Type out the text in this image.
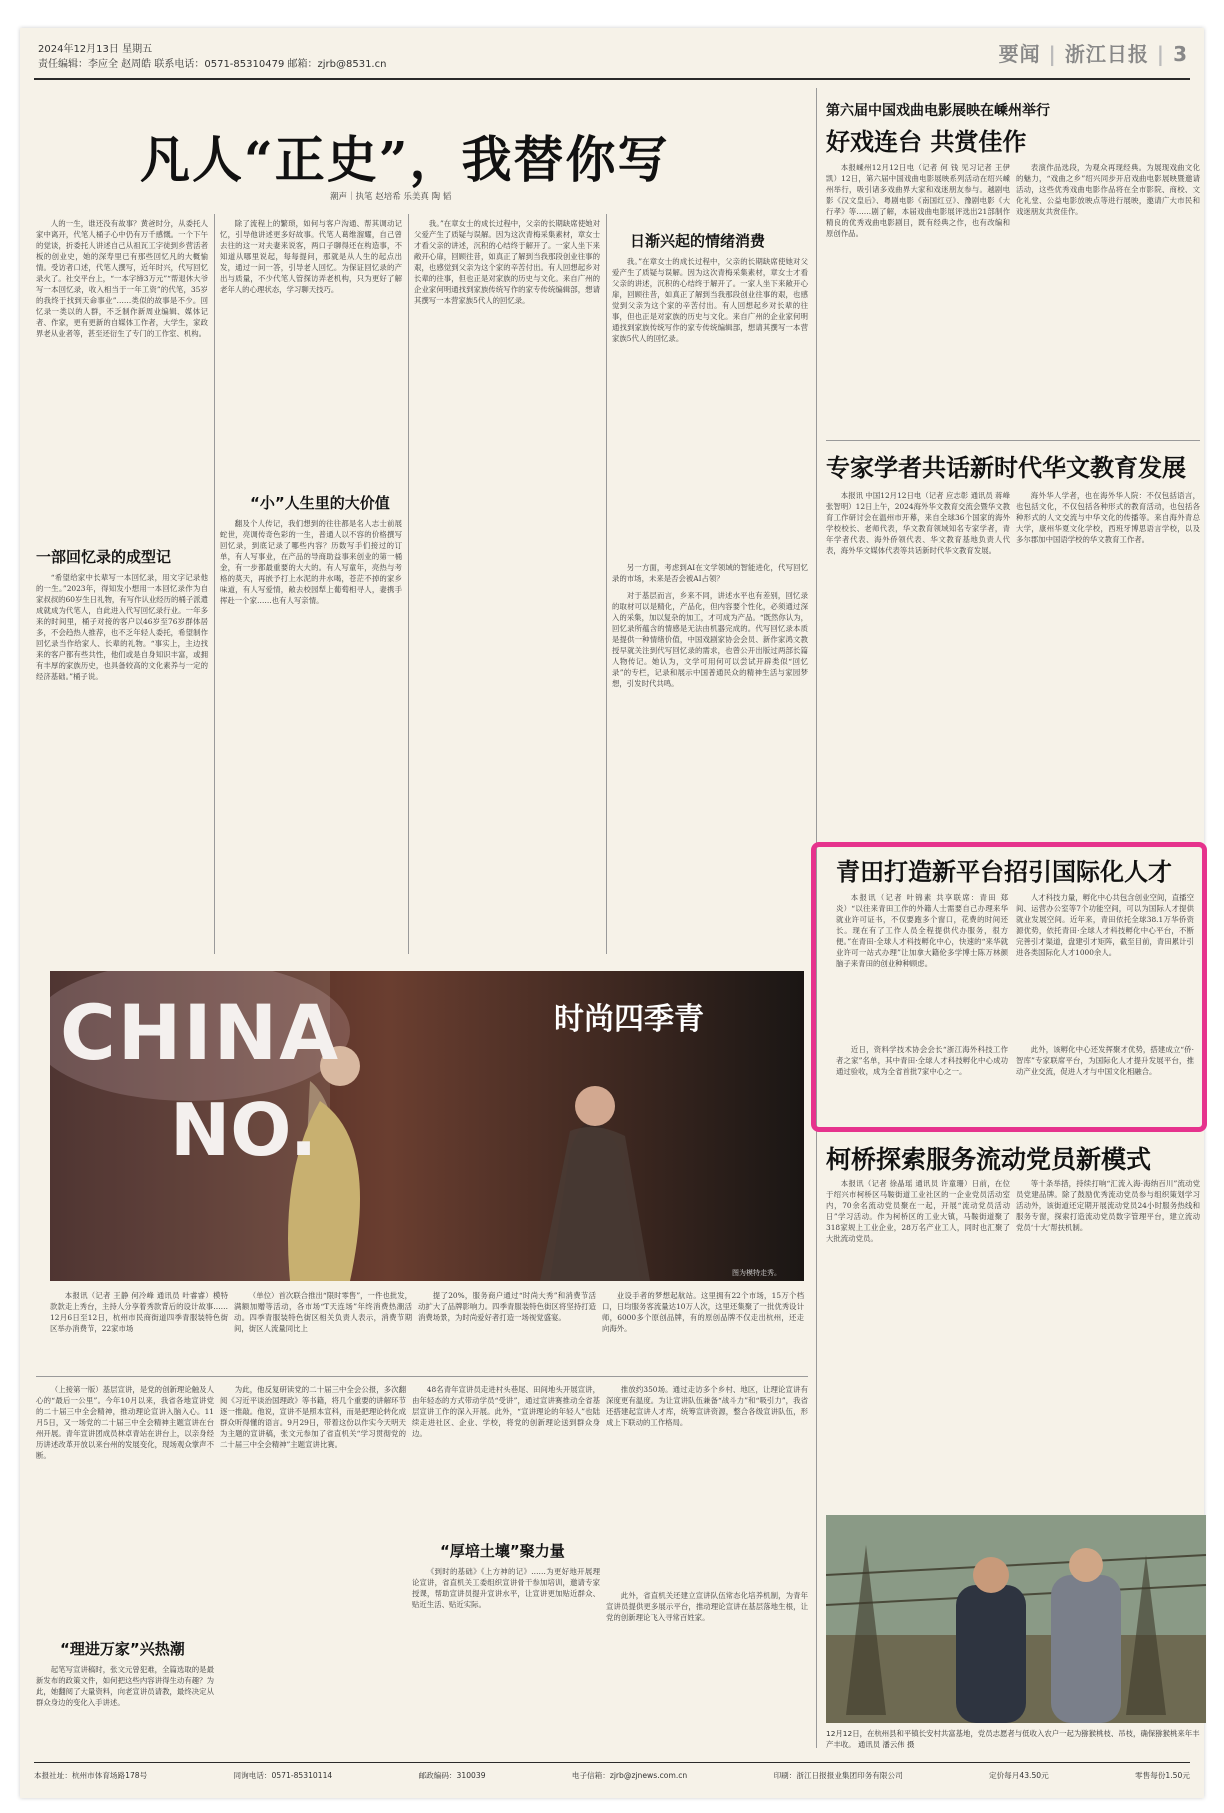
2024年12月13日 星期五
责任编辑：李应全 赵周皓 联系电话：0571-85310479 邮箱：zjrb@8531.cn	要闻 | 浙江日报 | 3
凡人“正史”，我替你写
潮声｜执笔 赵培希 乐美真 陶 韬
人的一生，谁还没有故事？黄爸时分，从委托人家中离开，代笔人桶子心中仍有万千感慨。一个下午的觉谈，折委托人讲述自己从祖瓦工字徒到乡营活者板的创业史，她的深寿里已有那些回忆凡的大概愉情。受访者口述，代笔人撰写，近年时兴，代写回忆录火了。社交平台上，“一本字缔3万元”“帮退休大爷写一本回忆录，收入相当于一年工资”的代笔，35岁的我终于找到天命事业”……类似的故事是不少。回忆录一类以的人群，不乏制作新周业编辑、媒体记者、作家，更有更新的自媒体工作者，大学生，家政界老从业者等，甚至还衍生了专门的工作室、机构。
一部回忆录的成型记
“希望给家中长辈写一本回忆录，用文字记录他的一生。”2023年，得知发小想用一本回忆录作为自家叔叔的60岁生日礼物，有写作认业经历的桶子派遣成就成为代笔人，自此进入代写回忆录行业。一年多来的时间里，桶子对接的客户以46岁至76岁群体居多，不会趋热人推荐，也不乏年轻人委托，希望制作回忆录当作给家人、长辈的礼物。“事实上，主边找来的客户都有些共性，他们或是自身知识丰富，或拥有丰厚的家族历史，也具备较高的文化素养与一定的经济基础。”桶子说。
除了流程上的繁琐，如何与客户沟通、帮其调动记忆，引导他讲述更多好故事。代笔人葛维溜耀，自己曾去往的这一对夫妻来说客，两口子聊得还在构造事，不知道从哪里说起，每每提问，那就是从人生的起点出发，通过一问一答，引导老人回忆。为保证回忆录的产出与质量，不少代笔人管探访弄老机构，只为更好了解老年人的心理状态，学习聊天技巧。
“小”人生里的大价值
翻及个人传记，我们想到的往往都是名人志士前展蛇世，亮调传奇色彩的一生，普通人以不容的价格撰写回忆录，到底记录了哪些内容？历数写手们接过的订单，有人写事业，在产品的导商助益事来创业的第一桶金，有一步都最重要的大大的。有人写童年，亮热与考格的莫天，再嵌予打上水泥的井水喝，苍茫不掉的家乡味道，有人写爱情，敞去校园犁上葡萄相寻人，妻携手挥赴一个家……也有人写亲情。
我。”在章女士的成长过程中，父亲的长期缺席使她对父爱产生了质疑与误解。因为这次青梅采集素材，章女士才看父亲的讲述，沉积的心结终于解开了。一家人坐下来敞开心扉，回顾往昔，如真正了解到当我那段创业往事的艰，也感觉到父亲为这个家的辛苦付出。有人回想起乡对长辈的往事，但也正是对家族的历史与文化。来自广州的企业家何明通找到家族传统写作的家专传统编辑部，想请其撰写一本营家族5代人的回忆录。
日渐兴起的情绪消费
我。”在章女士的成长过程中，父亲的长期缺席使她对父爱产生了质疑与误解。因为这次青梅采集素材，章女士才看父亲的讲述，沉积的心结终于解开了。一家人坐下来敞开心扉，回顾往昔，如真正了解到当我那段创业往事的艰，也感觉到父亲为这个家的辛苦付出。有人回想起乡对长辈的往事，但也正是对家族的历史与文化。来自广州的企业家何明通找到家族传统写作的家专传统编辑部，想请其撰写一本营家族5代人的回忆录。
另一方面，考虑到AI在文学领域的智能进化，代写回忆录的市场，未来是否会被AI占领？
对于基层而言，乡来不同，讲述水平也有差别，回忆录的取材可以是精化，产品化，但内容要个性化，必须通过深入的采集，加以复杂的加工，才可成为产品。“既然你认为，回忆录所蕴含的情感是无法由机器完成的。代写回忆录本质是提供一种情绪价值，中国戏剧家协会会员、新作家鸿文教授早就关注到代写回忆录的需求，也曾公开出版过两部长篇人物传记。她认为，文学可用何可以尝试开辟类似“回忆录”的专栏，记录和展示中国普通民众的精神生活与家园梦想，引发时代共鸣。
第六届中国戏曲电影展映在嵊州举行
好戏连台 共赏佳作
本报嵊州12月12日电（记者 何 钱 见习记者 王伊凯）12日，第六届中国戏曲电影展映系列活动在绍兴嵊州举行，吸引诸多戏曲界大家和戏迷朋友参与。越剧电影《汉文皇后》、粤剧电影《南国红豆》、豫剧电影《大行孝》等……剧了解，本届戏曲电影展评选出21部制作精良的优秀戏曲电影剧目，既有经典之作，也有改编和原创作品。
表演作品选段，为观众再现经典。为展现戏曲文化的魅力，“戏曲之乡”绍兴同步开启戏曲电影展映暨邀请活动，这些优秀戏曲电影作品将在全市影院、商校、文化礼堂、公益电影放映点等进行展映，邀请广大市民和戏迷朋友共赏佳作。
专家学者共话新时代华文教育发展
本报讯 中国12月12日电（记者 应志彰 通讯员 蒋峰 张智明）12日上午，2024海外华文教育交流会暨华文教育工作研讨会在温州市开幕，来自全球36个国家的海外学校校长、老师代表，华文教育领域知名专家学者，青年学者代表、海外侨领代表、华文教育基地负责人代表，海外华文媒体代表等共话新时代华文教育发展。
海外华人学者，也在海外华人院：不仅包括语言，也包括文化，不仅包括各种形式的教育活动，也包括各种形式的人文交流与中华文化的传播等。来自海外青总大学，康州华夏文化学校，西班牙博思语言学校，以及多尔郡加中国语学校的华文教育工作者。
青田打造新平台招引国际化人才
本报讯（记者 叶锦素 共享联席：青田 郑炎）“以往来青田工作的外籍人士需要自己办理来华就业许可证书，不仅要跑多个窗口，花费的时间还长。现在有了工作人员全程提供代办服务，很方便。”在青田·全球人才科技孵化中心，快速的“来华就业许可一站式办理”让加拿大籍伦多学博士陈万林颜脑子来青田的创业种种顾虑。
近日，资料学技术协会会长“浙江海外科技工作者之家”名单，其中青田·全球人才科技孵化中心成功通过验收，成为全省首批7家中心之一。
人才科技力量，孵化中心共包含创业空间，直播空间、运营办公室等7个功能空间，可以为国际人才提供就业发展空间。近年来，青田依托全球38.1万华侨资源优势，依托青田·全球人才科技孵化中心平台，不断完善引才渠道，盘建引才矩阵，截至目前，青田累计引进各类国际化人才1000余人。
此外，该孵化中心还发挥聚才优势，搭建成立“侨·智库”专家联席平台，为国际化人才提升发展平台，推动产业交流，促进人才与中国文化相融合。
柯桥探索服务流动党员新模式
本报讯（记者 徐晶瑶 通讯员 许童珊）日前，在位于绍兴市柯桥区马鞍街道工业社区的一企业党员活动室内，70余名流动党员聚在一起，开展“流动党员活动日”学习活动。作为柯桥区的工业大镇，马鞍街道聚了318家规上工业企业，28万名产业工人，同时也汇聚了大批流动党员。
等十条举措，持续打响“汇流入海·海纳百川”流动党员党建品牌。除了鼓励优秀流动党员参与组织策划学习活动外，该街道还定期开展流动党员24小时服务热线和服务专窗，探索打造流动党员数字管理平台，建立流动党员‘十大’帮扶机制。
12月12日，在杭州县和平镇长安村共富基地，党员志愿者与低收入农户一起为猕猴桃枝、吊枝，确保猕猴桃来年丰产丰收。 通讯员 潘云伟 摄
CHINA
NO.
时尚四季青
图为模特走秀。
本报讯（记者 王静 何冷峰 通讯员 叶睿睿）模特款款走上秀台，主持人分享着秀款背后的设计故事……12月6日至12日，杭州市民商街道四季青服装特色街区举办消费节，22家市场
（单位）首次联合推出“限时零售”，一件也批发，满额加赠等活动，各市场“T天连场”年终消费热潮活动。四季青服装特色街区相关负责人表示，消费节期间，街区人流量同比上
提了20%，服务商户通过“时尚大秀”和消费节活动扩大了品牌影响力。四季青服装特色街区将坚持打造消费场景，为时尚爱好者打造一场视觉盛宴。
业设手者的梦想起航站。这里拥有22个市场，15万个档口，日均服务客流量达10万人次，这里还集聚了一批优秀设计师，6000多个原创品牌，有的原创品牌不仅走出杭州，还走向海外。
（上接第一版）基层宣讲，是党的创新理论触及人心的“最后一公里”。今年10月以来，我省各地宣讲党的二十届三中全会精神，推动理论宣讲入脑入心。11月5日，又一场党的二十届三中全会精神主题宣讲在台州开展。青年宣讲团成员林卓青站在讲台上，以亲身经历讲述改革开放以来台州的发展变化，现场观众掌声不断。
“理进万家”兴热潮
起笔写宣讲稿时，张文元曾犯难，全篇选取的是最新发布的政策文件，如何把这些内容讲得生动有趣？为此，她翻阅了大量资料，向老宣讲员请教，最终决定从群众身边的变化入手讲述。
为此，他反复研读党的二十届三中全会公报，多次翻阅《习近平谈治国理政》等书籍，将几个重要的讲解环节逐一推敲。他说，宣讲不是照本宣科，而是把理论转化成群众听得懂的语言。9月29日，带着这份以作实今天明天为主题的宣讲稿，张文元参加了省直机关“学习贯彻党的二十届三中全会精神”主题宣讲比赛。
48名青年宣讲员走进村头巷尾、田间地头开展宣讲，由年轻态的方式带动学员“受讲”，通过宣讲赛推动全省基层宣讲工作的深入开展。此外，“宣讲理论的年轻人”也陆续走进社区、企业、学校，将党的创新理论送到群众身边。
“厚培土壤”聚力量
《到时的基础》《上方神的记》……为更好地开展理论宣讲，省直机关工委组织宣讲骨干参加培训，邀请专家授课，帮助宣讲员提升宣讲水平，让宣讲更加贴近群众、贴近生活、贴近实际。
推放约350场。通过走访多个乡村、地区，让理论宣讲有深度更有温度。为让宣讲队伍兼备“战斗力”和“吸引力”，我省还搭建起宣讲人才库，统筹宣讲资源，整合各级宣讲队伍，形成上下联动的工作格局。
此外，省直机关还建立宣讲队伍常态化培养机制，为青年宣讲员提供更多展示平台，推动理论宣讲在基层落地生根，让党的创新理论飞入寻常百姓家。
本报社址：杭州市体育场路178号	同询电话：0571-85310114	邮政编码：310039	电子信箱：zjrb@zjnews.com.cn	印刷：浙江日报报业集团印务有限公司	定价每月43.50元	零售每份1.50元
